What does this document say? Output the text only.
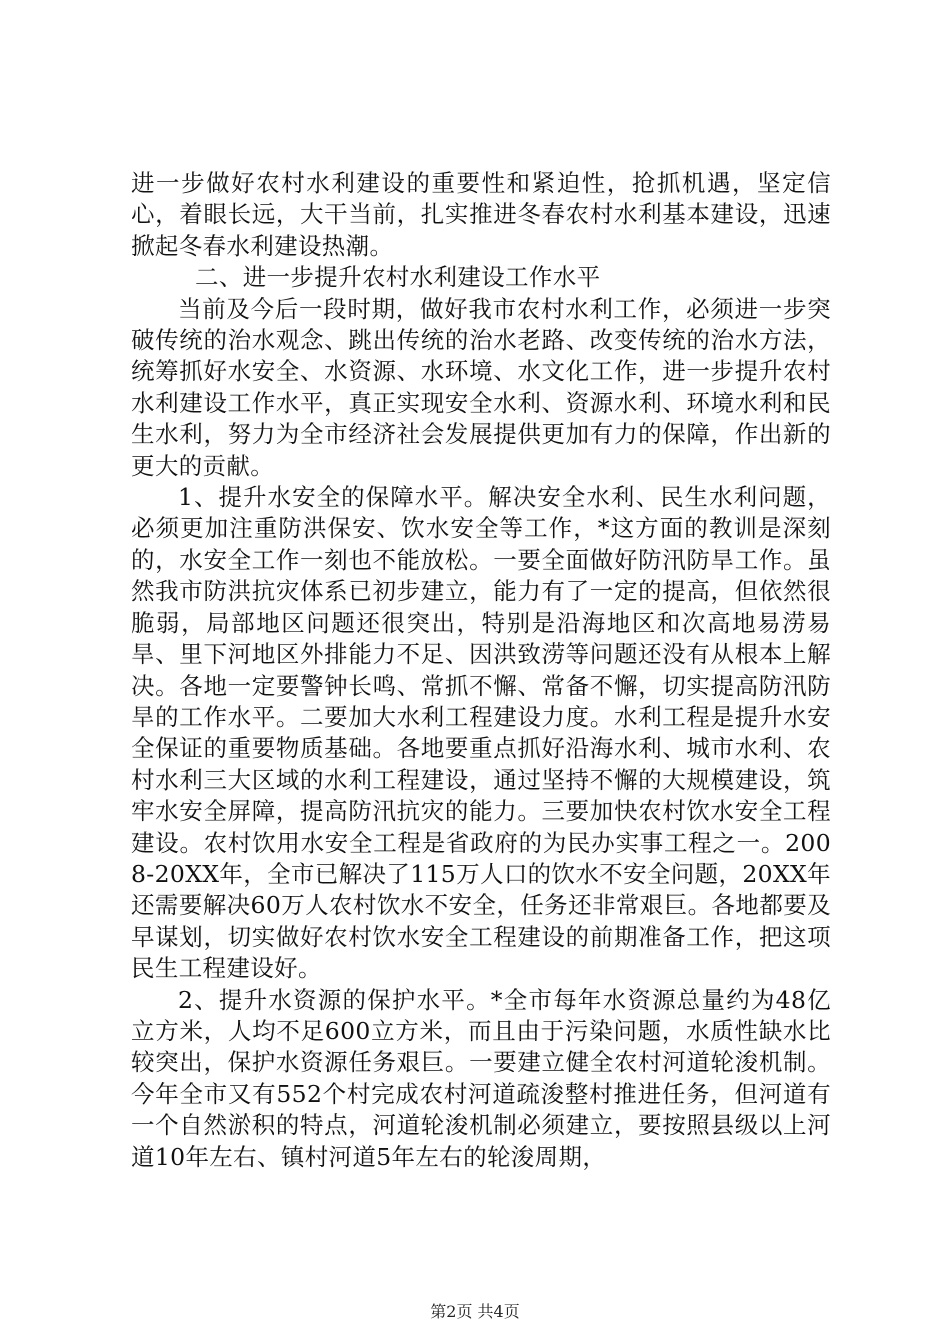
进一步做好农村水利建设的重要性和紧迫性，抢抓机遇，坚定信心，着眼长远，大干当前，扎实推进冬春农村水利基本建设，迅速掀起冬春水利建设热潮。

二、进一步提升农村水利建设工作水平

当前及今后一段时期，做好我市农村水利工作，必须进一步突破传统的治水观念、跳出传统的治水老路、改变传统的治水方法，统筹抓好水安全、水资源、水环境、水文化工作，进一步提升农村水利建设工作水平，真正实现安全水利、资源水利、环境水利和民生水利，努力为全市经济社会发展提供更加有力的保障，作出新的更大的贡献。

1、提升水安全的保障水平。解决安全水利、民生水利问题，必须更加注重防洪保安、饮水安全等工作，*这方面的教训是深刻的，水安全工作一刻也不能放松。一要全面做好防汛防旱工作。虽然我市防洪抗灾体系已初步建立，能力有了一定的提高，但依然很脆弱，局部地区问题还很突出，特别是沿海地区和次高地易涝易旱、里下河地区外排能力不足、因洪致涝等问题还没有从根本上解决。各地一定要警钟长鸣、常抓不懈、常备不懈，切实提高防汛防旱的工作水平。二要加大水利工程建设力度。水利工程是提升水安全保证的重要物质基础。各地要重点抓好沿海水利、城市水利、农村水利三大区域的水利工程建设，通过坚持不懈的大规模建设，筑牢水安全屏障，提高防汛抗灾的能力。三要加快农村饮水安全工程建设。农村饮用水安全工程是省政府的为民办实事工程之一。2008-20XX年，全市已解决了115万人口的饮水不安全问题，20XX年还需要解决60万人农村饮水不安全，任务还非常艰巨。各地都要及早谋划，切实做好农村饮水安全工程建设的前期准备工作，把这项民生工程建设好。

2、提升水资源的保护水平。*全市每年水资源总量约为48亿立方米，人均不足600立方米，而且由于污染问题，水质性缺水比较突出，保护水资源任务艰巨。一要建立健全农村河道轮浚机制。今年全市又有552个村完成农村河道疏浚整村推进任务，但河道有一个自然淤积的特点，河道轮浚机制必须建立，要按照县级以上河道10年左右、镇村河道5年左右的轮浚周期，

第2页 共4页
